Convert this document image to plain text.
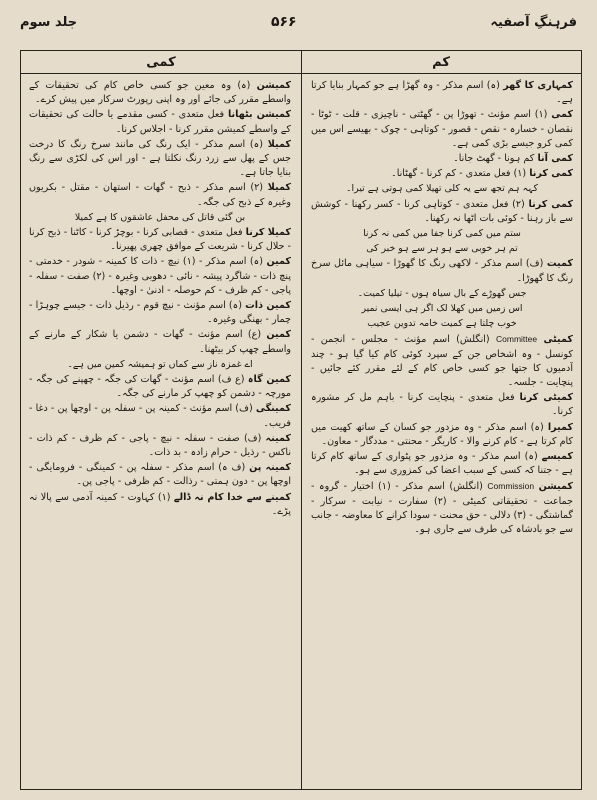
جلد سوم	۵۶۶	فرہنگِ آصفیہ
کمی	کم

کمہاری کا گھر (ہ) اسم مذکر - وہ گھڑا ہے جو کمہار بنایا کرتا ہے۔

کمی (۱) اسم مؤنث - تھوڑا پن - گھٹتی - ناچیزی - قلت - ٹوٹا - نقصان - خسارہ - نقص - قصور - کوتاہی - چوک - بھیسے اس میں کمی کرو جیسے بڑی کمی ہے۔

کمی آنا کم ہونا - گھٹ جانا۔

کمی کرنا (۱) فعل متعدی - کم کرنا - گھٹانا۔

کہہ ہم تجھ سے یہ کلی تھیلا کمی ہوتی ہے تیرا۔

کمی کرنا (۲) فعل متعدی - کوتاہی کرنا - کسر رکھنا - کوشش سے باز رہنا - کوئی بات اٹھا نہ رکھنا۔

ستم میں کمی کرنا جفا میں کمی نہ کرنا

تم ہر خوبی سے ہو ہر سے ہو خبر کی

کمیت (ف) اسم مذکر - لاکھی رنگ کا گھوڑا - سیاہی مائل سرخ رنگ کا گھوڑا۔

جس گھوڑے کے بال سیاہ ہوں - تیلیا کمیت۔

اس زمیں میں کھلا لک اگر ہی ایسی نمیر

خوب چلتا ہے کمیت خامہ تدوین عجیب

کمیٹی Committee (انگلش) اسم مؤنث - مجلس - انجمن - کونسل - وہ اشخاص جن کے سپرد کوئی کام کیا گیا ہو - چند آدمیوں کا جتھا جو کسی خاص کام کے لئے مقرر کئے جائیں - پنچایت - جلسہ۔

کمیٹی کرنا فعل متعدی - پنچایت کرنا - باہم مل کر مشورہ کرنا۔

کمیرا (ہ) اسم مذکر - وہ مزدور جو کسان کے ساتھ کھیت میں کام کرتا ہے - کام کرنے والا - کاریگر - محنتی - مددگار - معاون۔

کمیسے (ہ) اسم مذکر - وہ مزدور جو پٹواری کے ساتھ کام کرتا ہے - جتنا کہ کسی کے سبب اعضا کی کمزوری سے ہو۔

کمیشن Commission (انگلش) اسم مذکر - (۱) اختیار - گروہ - جماعت - تحقیقاتی کمیٹی - (۲) سفارت - نیابت - سرکار - گماشتگی - (۳) دلالی - حق محنت - سودا کرانے کا معاوضہ - جانب سے جو بادشاہ کی طرف سے جاری ہو۔

کمیشن (ہ) وہ معین جو کسی خاص کام کی تحقیقات کے واسطے مقرر کی جائے اور وہ اپنی رپورٹ سرکار میں پیش کرے۔

کمیشن بٹھانا فعل متعدی - کسی مقدمے یا حالت کی تحقیقات کے واسطے کمیشن مقرر کرنا - اجلاس کرنا۔

کمیلا (ہ) اسم مذکر - ایک رنگ کی مانند سرخ رنگ کا درخت جس کے پھل سے زرد رنگ نکلتا ہے - اور اس کی لکڑی سے رنگ بنایا جاتا ہے۔

کمیلا (۲) اسم مذکر - ذبح - گھات - استھان - مقتل - بکریوں وغیرہ کے ذبح کی جگہ۔

بن گئی قاتل کی محفل عاشقوں کا ہے کمیلا

کمیلا کرنا فعل متعدی - قصابی کرنا - بوچڑ کرنا - کاٹنا - ذبح کرنا - حلال کرنا - شریعت کے موافق چھری پھیرنا۔

کمین (ہ) اسم مذکر - (۱) نیچ - ذات کا کمینہ - شودر - خدمتی - پنچ ذات - شاگرد پیشہ - نائی - دھوبی وغیرہ - (۲) صفت - سفلہ - پاجی - کم ظرف - کم حوصلہ - ادنیٰ - اوچھا۔

کمین ذات (ہ) اسم مؤنث - نیچ قوم - رذیل ذات - جیسے چوہڑا - چمار - بھنگی وغیرہ۔

کمین (ع) اسم مؤنث - گھات - دشمن یا شکار کے مارنے کے واسطے چھپ کر بیٹھنا۔

اے غمزہ ناز سے کماں تو ہمیشہ کمین میں ہے۔

کمین گاہ (ع ف) اسم مؤنث - گھات کی جگہ - چھپنے کی جگہ - مورچہ - دشمن کو چھپ کر مارنے کی جگہ۔

کمینگی (ف) اسم مؤنث - کمینہ پن - سفلہ پن - اوچھا پن - دغا - فریب۔

کمینہ (ف) صفت - سفلہ - نیچ - پاجی - کم ظرف - کم ذات - ناکس - رذیل - حرام زادہ - بد ذات۔

کمینہ پن (ف ہ) اسم مذکر - سفلہ پن - کمینگی - فرومایگی - اوچھا پن - دون ہمتی - رذالت - کم ظرفی - پاجی پن۔

کمینے سے خدا کام نہ ڈالے (۱) کہاوت - کمینہ آدمی سے پالا نہ پڑے۔
